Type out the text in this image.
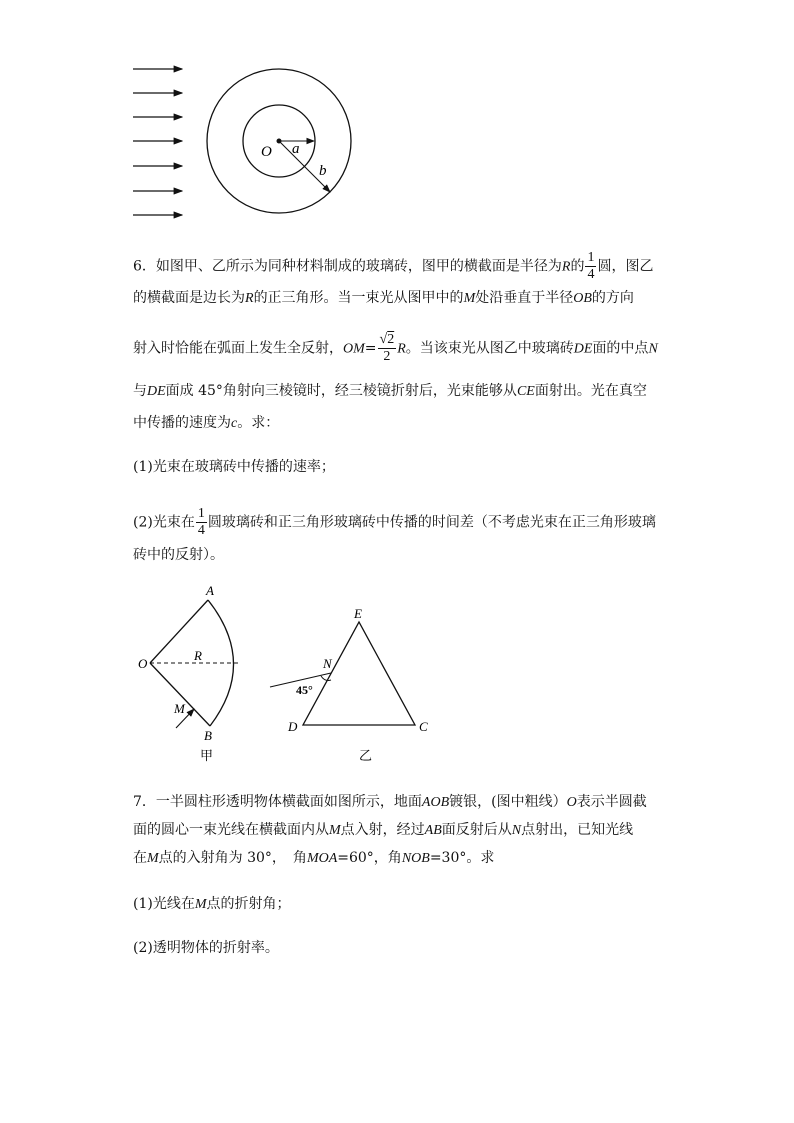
O a
b
6．如图甲、乙所示为同种材料制成的玻璃砖，图甲的横截面是半径为R的 $\frac{1}{4}$ 圆，图乙
的横截面是边长为R的正三角形。当一束光从图甲中的M处沿垂直于半径OB的方向
射入时恰能在弧面上发生全反射，$OM= \frac{√2}{2}$ R。当该束光从图乙中玻璃砖DE面的中点N
与DE面成 45°角射向三棱镜时，经三棱镜折射后，光束能够从CE面射出。光在真空
中传播的速度为c。求：
(1)光束在玻璃砖中传播的速率；
(2)光束在 $\frac{1}{4}$ 圆玻璃砖和正三角形玻璃砖中传播的时间差（不考虑光束在正三角形玻璃
砖中的反射）。
A
O
R
M
B
甲
E
N
45°
D	C
乙
7．一半圆柱形透明物体横截面如图所示，地面AOB镀银，(图中粗线）O表示半圆截
面的圆心一束光线在横截面内从M点入射，经过AB面反射后从N点射出，已知光线
在M点的入射角为 30°，　角MOA=60°，角NOB=30°。求
(1)光线在M点的折射角；
(2)透明物体的折射率。
